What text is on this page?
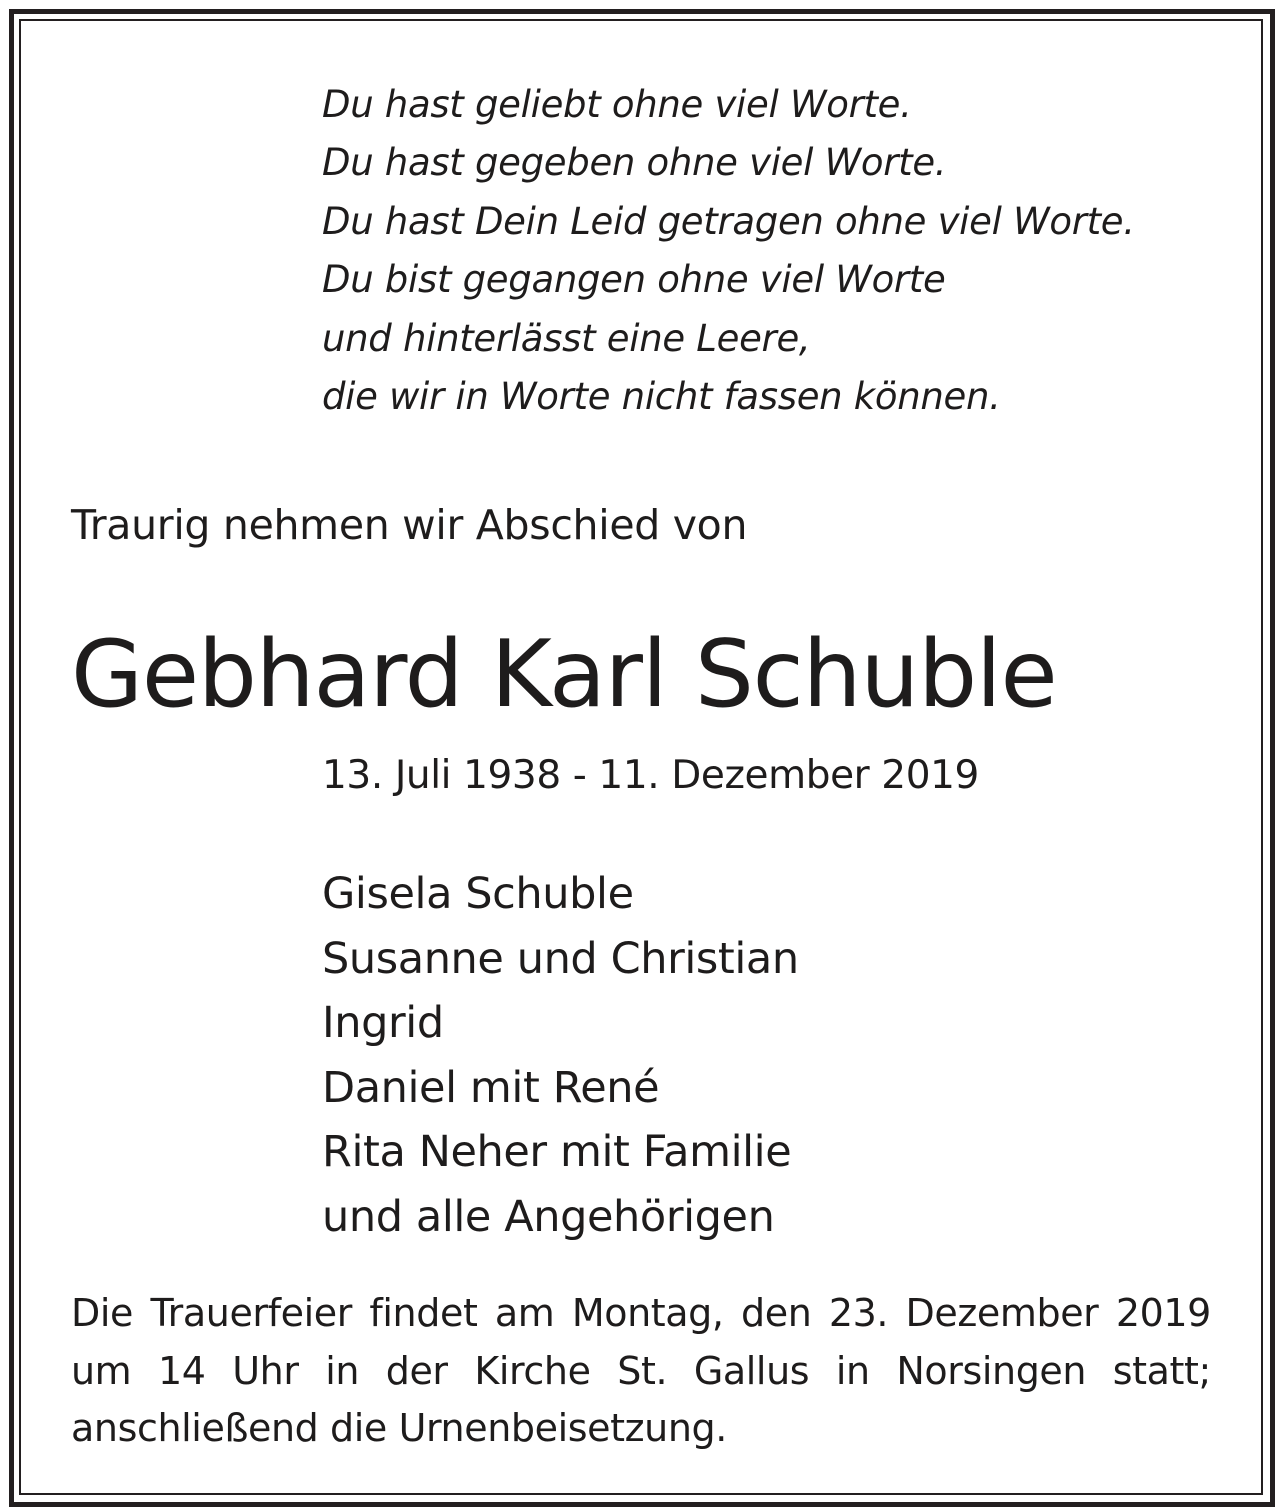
Du hast geliebt ohne viel Worte.
Du hast gegeben ohne viel Worte.
Du hast Dein Leid getragen ohne viel Worte.
Du bist gegangen ohne viel Worte
und hinterlässt eine Leere,
die wir in Worte nicht fassen können.
Traurig nehmen wir Abschied von
Gebhard Karl Schuble
13. Juli 1938 - 11. Dezember 2019
Gisela Schuble
Susanne und Christian
Ingrid
Daniel mit René
Rita Neher mit Familie
und alle Angehörigen
Die Trauerfeier findet am Montag, den 23. Dezember 2019
um 14 Uhr in der Kirche St. Gallus in Norsingen statt;
anschließend die Urnenbeisetzung.
